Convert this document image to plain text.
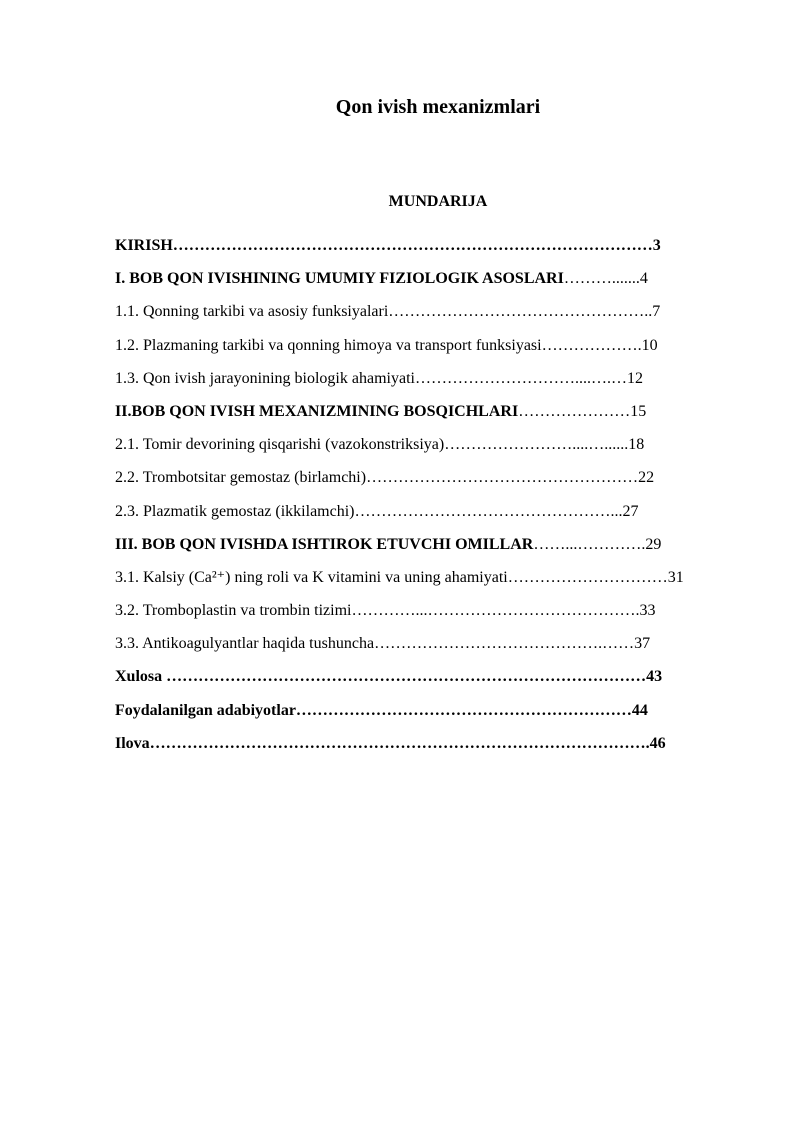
Qon ivish mexanizmlari
MUNDARIJA
KIRISH………………………………………………………………………………3
I. BOB QON IVISHINING UMUMIY FIZIOLOGIK ASOSLARI……….......4
1.1. Qonning tarkibi va asosiy funksiyalari…………………………………………..7
1.2. Plazmaning tarkibi va qonning himoya va transport funksiyasi……………….10
1.3. Qon ivish jarayonining biologik ahamiyati…………………………....….…12
II.BOB QON IVISH MEXANIZMINING BOSQICHLARI…………………15
2.1. Tomir devorining qisqarishi (vazokonstriksiya)……………………....…......18
2.2. Trombotsitar gemostaz (birlamchi)……………………………………………22
2.3. Plazmatik gemostaz (ikkilamchi)…………………………………………...27
III. BOB QON IVISHDA ISHTIROK ETUVCHI OMILLAR……...………….29
3.1. Kalsiy (Ca²⁺) ning roli va K vitamini va uning ahamiyati…………………………31
3.2. Tromboplastin va trombin tizimi…………...………………………………….33
3.3. Antikoagulyantlar haqida tushuncha…………………………………….……37
Xulosa ………………………………………………………………………………43
Foydalanilgan adabiyotlar………………………………………………………44
Ilova………………………………………………………………………………….46
